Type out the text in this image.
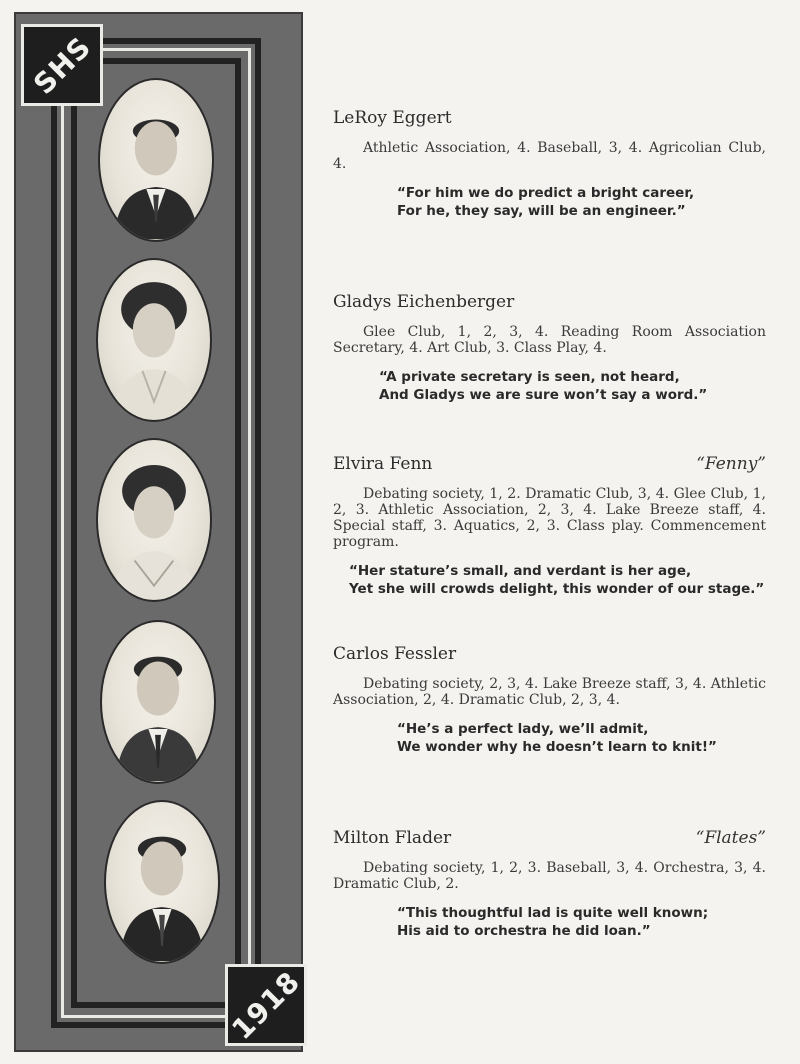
SHS
1918
LeRoy Eggert
Athletic Association, 4. Baseball, 3, 4. Agricolian Club, 4.
“For him we do predict a bright career,
For he, they say, will be an engineer.”
Gladys Eichenberger
Glee Club, 1, 2, 3, 4. Reading Room Association Secretary, 4. Art Club, 3. Class Play, 4.
“A private secretary is seen, not heard,
And Gladys we are sure won’t say a word.”
Elvira Fenn	“Fenny”
Debating society, 1, 2. Dramatic Club, 3, 4. Glee Club, 1, 2, 3. Athletic Association, 2, 3, 4. Lake Breeze staff, 4. Special staff, 3. Aquatics, 2, 3. Class play. Commencement program.
“Her stature’s small, and verdant is her age,
Yet she will crowds delight, this wonder of our stage.”
Carlos Fessler
Debating society, 2, 3, 4. Lake Breeze staff, 3, 4. Athletic Association, 2, 4. Dramatic Club, 2, 3, 4.
“He’s a perfect lady, we’ll admit,
We wonder why he doesn’t learn to knit!”
Milton Flader	“Flates”
Debating society, 1, 2, 3. Baseball, 3, 4. Orchestra, 3, 4. Dramatic Club, 2.
“This thoughtful lad is quite well known;
His aid to orchestra he did loan.”
